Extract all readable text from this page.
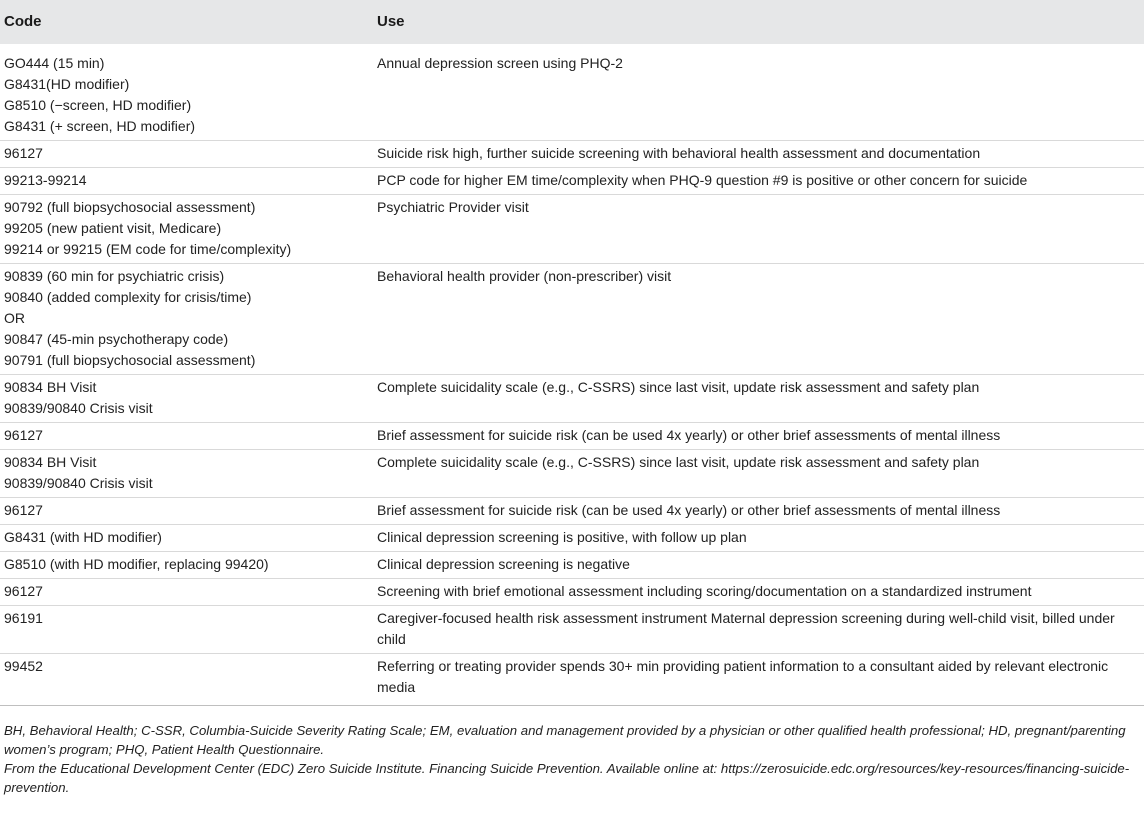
Code	Use

GO444 (15 min)
G8431(HD modifier)
G8510 (−screen, HD modifier)
G8431 (+ screen, HD modifier)	Annual depression screen using PHQ-2

96127	Suicide risk high, further suicide screening with behavioral health assessment and documentation

99213-99214	PCP code for higher EM time/complexity when PHQ-9 question #9 is positive or other concern for suicide

90792 (full biopsychosocial assessment)
99205 (new patient visit, Medicare)
99214 or 99215 (EM code for time/complexity)	Psychiatric Provider visit

90839 (60 min for psychiatric crisis)
90840 (added complexity for crisis/time)
OR
90847 (45-min psychotherapy code)
90791 (full biopsychosocial assessment)	Behavioral health provider (non-prescriber) visit

90834 BH Visit
90839/90840 Crisis visit	Complete suicidality scale (e.g., C-SSRS) since last visit, update risk assessment and safety plan

96127	Brief assessment for suicide risk (can be used 4x yearly) or other brief assessments of mental illness

90834 BH Visit
90839/90840 Crisis visit	Complete suicidality scale (e.g., C-SSRS) since last visit, update risk assessment and safety plan

96127	Brief assessment for suicide risk (can be used 4x yearly) or other brief assessments of mental illness

G8431 (with HD modifier)	Clinical depression screening is positive, with follow up plan

G8510 (with HD modifier, replacing 99420)	Clinical depression screening is negative

96127	Screening with brief emotional assessment including scoring/documentation on a standardized instrument

96191	Caregiver-focused health risk assessment instrument Maternal depression screening during well-child visit, billed under child

99452	Referring or treating provider spends 30+ min providing patient information to a consultant aided by relevant electronic media

BH, Behavioral Health; C-SSR, Columbia-Suicide Severity Rating Scale; EM, evaluation and management provided by a physician or other qualified health professional; HD, pregnant/parenting women’s program; PHQ, Patient Health Questionnaire.

From the Educational Development Center (EDC) Zero Suicide Institute. Financing Suicide Prevention. Available online at: https://zerosuicide.edc.org/resources/key-resources/financing-suicide-prevention.
